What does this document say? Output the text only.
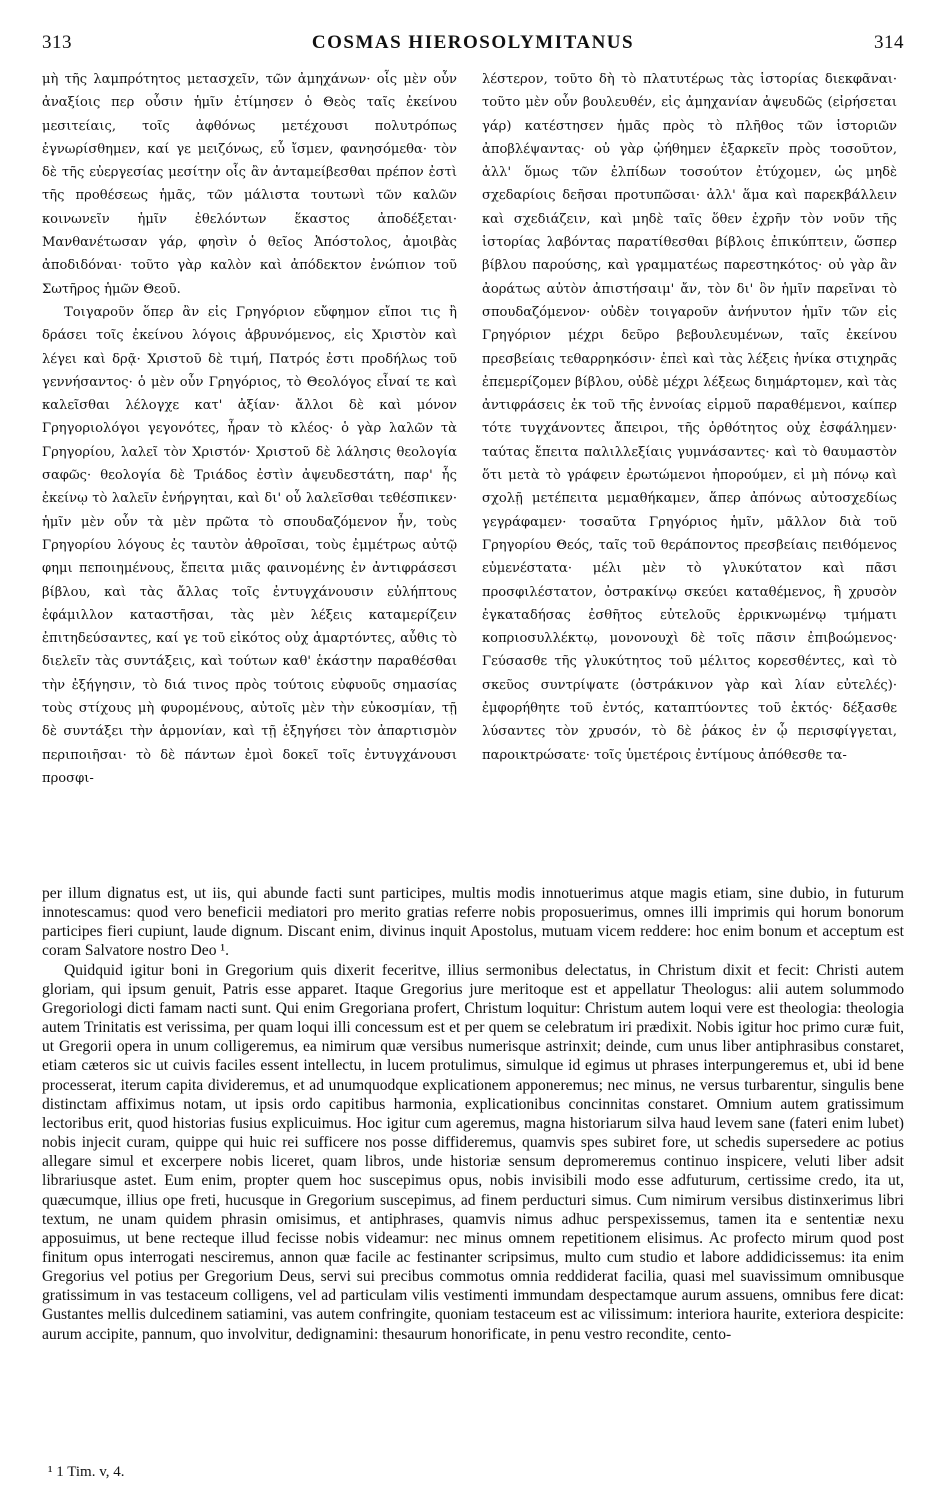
313	COSMAS HIEROSOLYMITANUS	314

μὴ τῆς λαμπρότητος μετασχεῖν, τῶν ἀμηχάνων· οἷς μὲν οὖν ἀναξίοις περ οὖσιν ἡμῖν ἐτίμησεν ὁ Θεὸς ταῖς ἐκείνου μεσιτείαις, τοῖς ἀφθόνως μετέχουσι πολυτρόπως ἐγνωρίσθημεν, καί γε μειζόνως, εὖ ἴσμεν, φανησόμεθα· τὸν δὲ τῆς εὐεργεσίας μεσίτην οἷς ἂν ἀνταμείβεσθαι πρέπον ἐστὶ τῆς προθέσεως ἡμᾶς, τῶν μάλιστα τουτωνὶ τῶν καλῶν κοινωνεῖν ἡμῖν ἐθελόντων ἕκαστος ἀποδέξεται· Μανθανέτωσαν γάρ, φησὶν ὁ θεῖος Ἀπόστολος, ἀμοιβὰς ἀποδιδόναι· τοῦτο γὰρ καλὸν καὶ ἀπόδεκτον ἐνώπιον τοῦ Σωτῆρος ἡμῶν Θεοῦ.

Τοιγαροῦν ὅπερ ἂν εἰς Γρηγόριον εὔφημον εἴποι τις ἢ δράσει τοῖς ἐκείνου λόγοις ἁβρυνόμενος, εἰς Χριστὸν καὶ λέγει καὶ δρᾷ· Χριστοῦ δὲ τιμή, Πατρός ἐστι προδήλως τοῦ γεννήσαντος· ὁ μὲν οὖν Γρηγόριος, τὸ Θεολόγος εἶναί τε καὶ καλεῖσθαι λέλογχε κατ' ἀξίαν· ἄλλοι δὲ καὶ μόνον Γρηγοριολόγοι γεγονότες, ἦραν τὸ κλέος· ὁ γὰρ λαλῶν τὰ Γρηγορίου, λαλεῖ τὸν Χριστόν· Χριστοῦ δὲ λάλησις θεολογία σαφῶς· θεολογία δὲ Τριάδος ἐστὶν ἀψευδεστάτη, παρ' ἧς ἐκείνῳ τὸ λαλεῖν ἐνήργηται, καὶ δι' οὗ λαλεῖσθαι τεθέσπικεν· ἡμῖν μὲν οὖν τὰ μὲν πρῶτα τὸ σπουδαζόμενον ἦν, τοὺς Γρηγορίου λόγους ἐς ταυτὸν ἀθροῖσαι, τοὺς ἐμμέτρως αὐτῷ φημι πεποιημένους, ἔπειτα μιᾶς φαινομένης ἐν ἀντιφράσεσι βίβλου, καὶ τὰς ἄλλας τοῖς ἐντυγχάνουσιν εὐλήπτους ἐφάμιλλον καταστῆσαι, τὰς μὲν λέξεις καταμερίζειν ἐπιτηδεύσαντες, καί γε τοῦ εἰκότος οὐχ ἁμαρτόντες, αὖθις τὸ διελεῖν τὰς συντάξεις, καὶ τούτων καθ' ἑκάστην παραθέσθαι τὴν ἐξήγησιν, τὸ διά τινος πρὸς τούτοις εὐφυοῦς σημασίας τοὺς στίχους μὴ φυρομένους, αὐτοῖς μὲν τὴν εὐκοσμίαν, τῇ δὲ συντάξει τὴν ἁρμονίαν, καὶ τῇ ἐξηγήσει τὸν ἀπαρτισμὸν περιποιῆσαι· τὸ δὲ πάντων ἐμοὶ δοκεῖ τοῖς ἐντυγχάνουσι προσφι-

λέστερον, τοῦτο δὴ τὸ πλατυτέρως τὰς ἱστορίας διεκφᾶναι· τοῦτο μὲν οὖν βουλευθέν, εἰς ἀμηχανίαν ἀψευδῶς (εἰρήσεται γάρ) κατέστησεν ἡμᾶς πρὸς τὸ πλῆθος τῶν ἱστοριῶν ἀποβλέψαντας· οὐ γὰρ ᾠήθημεν ἐξαρκεῖν πρὸς τοσοῦτον, ἀλλ' ὅμως τῶν ἐλπίδων τοσούτον ἐτύχομεν, ὡς μηδὲ σχεδαρίοις δεῆσαι προτυπῶσαι· ἀλλ' ἅμα καὶ παρεκβάλλειν καὶ σχεδιάζειν, καὶ μηδὲ ταῖς ὅθεν ἐχρῆν τὸν νοῦν τῆς ἱστορίας λαβόντας παρατίθεσθαι βίβλοις ἐπικύπτειν, ὥσπερ βίβλου παρούσης, καὶ γραμματέως παρεστηκότος· οὐ γὰρ ἂν ἀοράτως αὐτὸν ἀπιστήσαιμ' ἄν, τὸν δι' ὃν ἡμῖν παρεῖναι τὸ σπουδαζόμενον· οὐδὲν τοιγαροῦν ἀνήνυτον ἡμῖν τῶν εἰς Γρηγόριον μέχρι δεῦρο βεβουλευμένων, ταῖς ἐκείνου πρεσβείαις τεθαρρηκόσιν· ἐπεὶ καὶ τὰς λέξεις ἡνίκα στιχηρᾶς ἐπεμερίζομεν βίβλου, οὐδὲ μέχρι λέξεως διημάρτομεν, καὶ τὰς ἀντιφράσεις ἐκ τοῦ τῆς ἐννοίας εἱρμοῦ παραθέμενοι, καίπερ τότε τυγχάνοντες ἄπειροι, τῆς ὀρθότητος οὐχ ἐσφάλημεν· ταύτας ἔπειτα παλιλλεξίαις γυμνάσαντες· καὶ τὸ θαυμαστὸν ὅτι μετὰ τὸ γράφειν ἐρωτώμενοι ἠπορούμεν, εἰ μὴ πόνῳ καὶ σχολῇ μετέπειτα μεμαθήκαμεν, ἅπερ ἀπόνως αὐτοσχεδίως γεγράφαμεν· τοσαῦτα Γρηγόριος ἡμῖν, μᾶλλον διὰ τοῦ Γρηγορίου Θεός, ταῖς τοῦ θεράποντος πρεσβείαις πειθόμενος εὐμενέστατα· μέλι μὲν τὸ γλυκύτατον καὶ πᾶσι προσφιλέστατον, ὀστρακίνῳ σκεύει καταθέμενος, ἢ χρυσὸν ἐγκαταδήσας ἐσθῆτος εὐτελοῦς ἐρρικνωμένῳ τμήματι κοπριοσυλλέκτῳ, μονονουχὶ δὲ τοῖς πᾶσιν ἐπιβοώμενος· Γεύσασθε τῆς γλυκύτητος τοῦ μέλιτος κορεσθέντες, καὶ τὸ σκεῦος συντρίψατε (ὀστράκινον γὰρ καὶ λίαν εὐτελές)· ἐμφορήθητε τοῦ ἐντός, καταπτύοντες τοῦ ἐκτός· δέξασθε λύσαντες τὸν χρυσόν, τὸ δὲ ῥάκος ἐν ᾧ περισφίγγεται, παροικτρώσατε· τοῖς ὑμετέροις ἐντίμους ἀπόθεσθε τα-

per illum dignatus est, ut iis, qui abunde facti sunt participes, multis modis innotuerimus atque magis etiam, sine dubio, in futurum innotescamus: quod vero beneficii mediatori pro merito gratias referre nobis proposuerimus, omnes illi imprimis qui horum bonorum participes fieri cupiunt, laude dignum. Discant enim, divinus inquit Apostolus, mutuam vicem reddere: hoc enim bonum et acceptum est coram Salvatore nostro Deo ¹.

Quidquid igitur boni in Gregorium quis dixerit feceritve, illius sermonibus delectatus, in Christum dixit et fecit: Christi autem gloriam, qui ipsum genuit, Patris esse apparet. Itaque Gregorius jure meritoque est et appellatur Theologus: alii autem solummodo Gregoriologi dicti famam nacti sunt. Qui enim Gregoriana profert, Christum loquitur: Christum autem loqui vere est theologia: theologia autem Trinitatis est verissima, per quam loqui illi concessum est et per quem se celebratum iri prædixit. Nobis igitur hoc primo curæ fuit, ut Gregorii opera in unum colligeremus, ea nimirum quæ versibus numerisque astrinxit; deinde, cum unus liber antiphrasibus constaret, etiam cæteros sic ut cuivis faciles essent intellectu, in lucem protulimus, simulque id egimus ut phrases interpungeremus et, ubi id bene processerat, iterum capita divideremus, et ad unumquodque explicationem apponeremus; nec minus, ne versus turbarentur, singulis bene distinctam affiximus notam, ut ipsis ordo capitibus harmonia, explicationibus concinnitas constaret. Omnium autem gratissimum lectoribus erit, quod historias fusius explicuimus. Hoc igitur cum ageremus, magna historiarum silva haud levem sane (fateri enim lubet) nobis injecit curam, quippe qui huic rei sufficere nos posse diffideremus, quamvis spes subiret fore, ut schedis supersedere ac potius allegare simul et excerpere nobis liceret, quam libros, unde historiæ sensum depromeremus continuo inspicere, veluti liber adsit librariusque astet. Eum enim, propter quem hoc suscepimus opus, nobis invisibili modo esse adfuturum, certissime credo, ita ut, quæcumque, illius ope freti, hucusque in Gregorium suscepimus, ad finem perducturi simus. Cum nimirum versibus distinxerimus libri textum, ne unam quidem phrasin omisimus, et antiphrases, quamvis nimus adhuc perspexissemus, tamen ita e sententiæ nexu apposuimus, ut bene recteque illud fecisse nobis videamur: nec minus omnem repetitionem elisimus. Ac profecto mirum quod post finitum opus interrogati nesciremus, annon quæ facile ac festinanter scripsimus, multo cum studio et labore addidicissemus: ita enim Gregorius vel potius per Gregorium Deus, servi sui precibus commotus omnia reddiderat facilia, quasi mel suavissimum omnibusque gratissimum in vas testaceum colligens, vel ad particulam vilis vestimenti immundam despectamque aurum assuens, omnibus fere dicat: Gustantes mellis dulcedinem satiamini, vas autem confringite, quoniam testaceum est ac vilissimum: interiora haurite, exteriora despicite: aurum accipite, pannum, quo involvitur, dedignamini: thesaurum honorificate, in penu vestro recondite, cento-

¹ 1 Tim. v, 4.
